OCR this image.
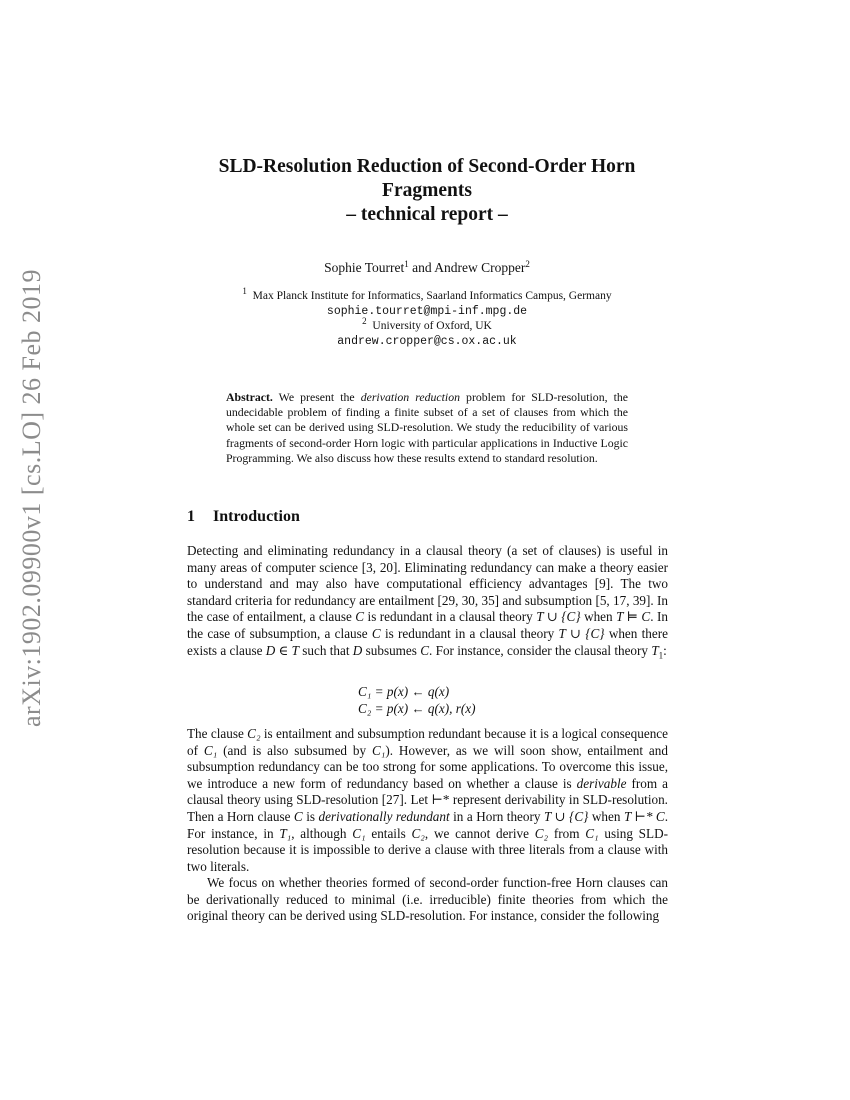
arXiv:1902.09900v1 [cs.LO] 26 Feb 2019
SLD-Resolution Reduction of Second-Order Horn
Fragments
– technical report –
Sophie Tourret$^1$ and Andrew Cropper$^2$
$^1$ Max Planck Institute for Informatics, Saarland Informatics Campus, Germany
sophie.tourret@mpi-inf.mpg.de
$^2$ University of Oxford, UK
andrew.cropper@cs.ox.ac.uk
Abstract. We present the derivation reduction problem for SLD-resolution, the undecidable problem of finding a finite subset of a set of clauses from which the whole set can be derived using SLD-resolution. We study the reducibility of various fragments of second-order Horn logic with particular applications in Inductive Logic Programming. We also discuss how these results extend to standard resolution.
1 Introduction

Detecting and eliminating redundancy in a clausal theory (a set of clauses) is useful in many areas of computer science [3, 20]. Eliminating redundancy can make a theory easier to understand and may also have computational efficiency advantages [9]. The two standard criteria for redundancy are entailment [29, 30, 35] and subsumption [5, 17, 39]. In the case of entailment, a clause C is redundant in a clausal theory T ∪ {C} when T ⊨ C. In the case of subsumption, a clause C is redundant in a clausal theory T ∪ {C} when there exists a clause D ∈ T such that D subsumes C. For instance, consider the clausal theory $T_1$:

C₁ = p(x) ← q(x)
C₂ = p(x) ← q(x), r(x)

The clause C₂ is entailment and subsumption redundant because it is a logical consequence of C₁ (and is also subsumed by C₁). However, as we will soon show, entailment and subsumption redundancy can be too strong for some applications. To overcome this issue, we introduce a new form of redundancy based on whether a clause is derivable from a clausal theory using SLD-resolution [27]. Let ⊢* represent derivability in SLD-resolution. Then a Horn clause C is derivationally redundant in a Horn theory T ∪ {C} when T ⊢* C. For instance, in T₁, although C₁ entails C₂, we cannot derive C₂ from C₁ using SLD-resolution because it is impossible to derive a clause with three literals from a clause with two literals.

We focus on whether theories formed of second-order function-free Horn clauses can be derivationally reduced to minimal (i.e. irreducible) finite theories from which the original theory can be derived using SLD-resolution. For instance, consider the following
